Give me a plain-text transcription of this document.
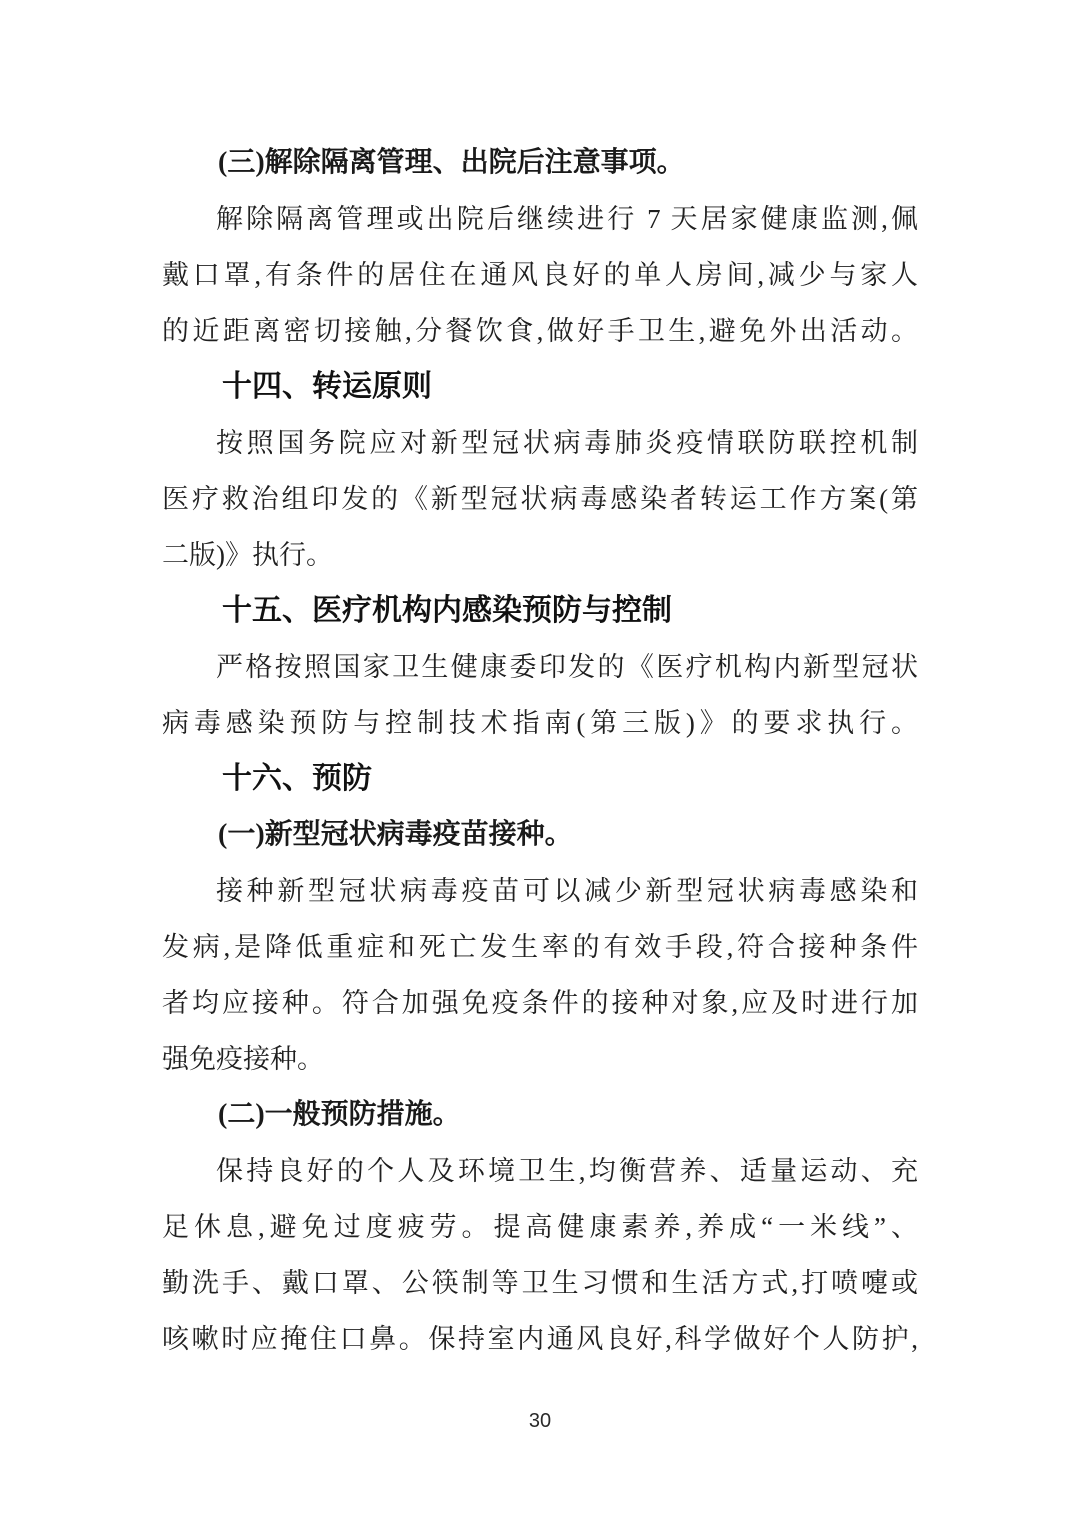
(三)解除隔离管理、出院后注意事项。
解除隔离管理或出院后继续进行 7 天居家健康监测,佩
戴口罩,有条件的居住在通风良好的单人房间,减少与家人
的近距离密切接触,分餐饮食,做好手卫生,避免外出活动。
十四、转运原则
按照国务院应对新型冠状病毒肺炎疫情联防联控机制
医疗救治组印发的《新型冠状病毒感染者转运工作方案(第
二版)》执行。
十五、医疗机构内感染预防与控制
严格按照国家卫生健康委印发的《医疗机构内新型冠状
病毒感染预防与控制技术指南(第三版)》的要求执行。
十六、预防
(一)新型冠状病毒疫苗接种。
接种新型冠状病毒疫苗可以减少新型冠状病毒感染和
发病,是降低重症和死亡发生率的有效手段,符合接种条件
者均应接种。符合加强免疫条件的接种对象,应及时进行加
强免疫接种。
(二)一般预防措施。
保持良好的个人及环境卫生,均衡营养、适量运动、充
足休息,避免过度疲劳。提高健康素养,养成“一米线”、
勤洗手、戴口罩、公筷制等卫生习惯和生活方式,打喷嚏或
咳嗽时应掩住口鼻。保持室内通风良好,科学做好个人防护,
30
